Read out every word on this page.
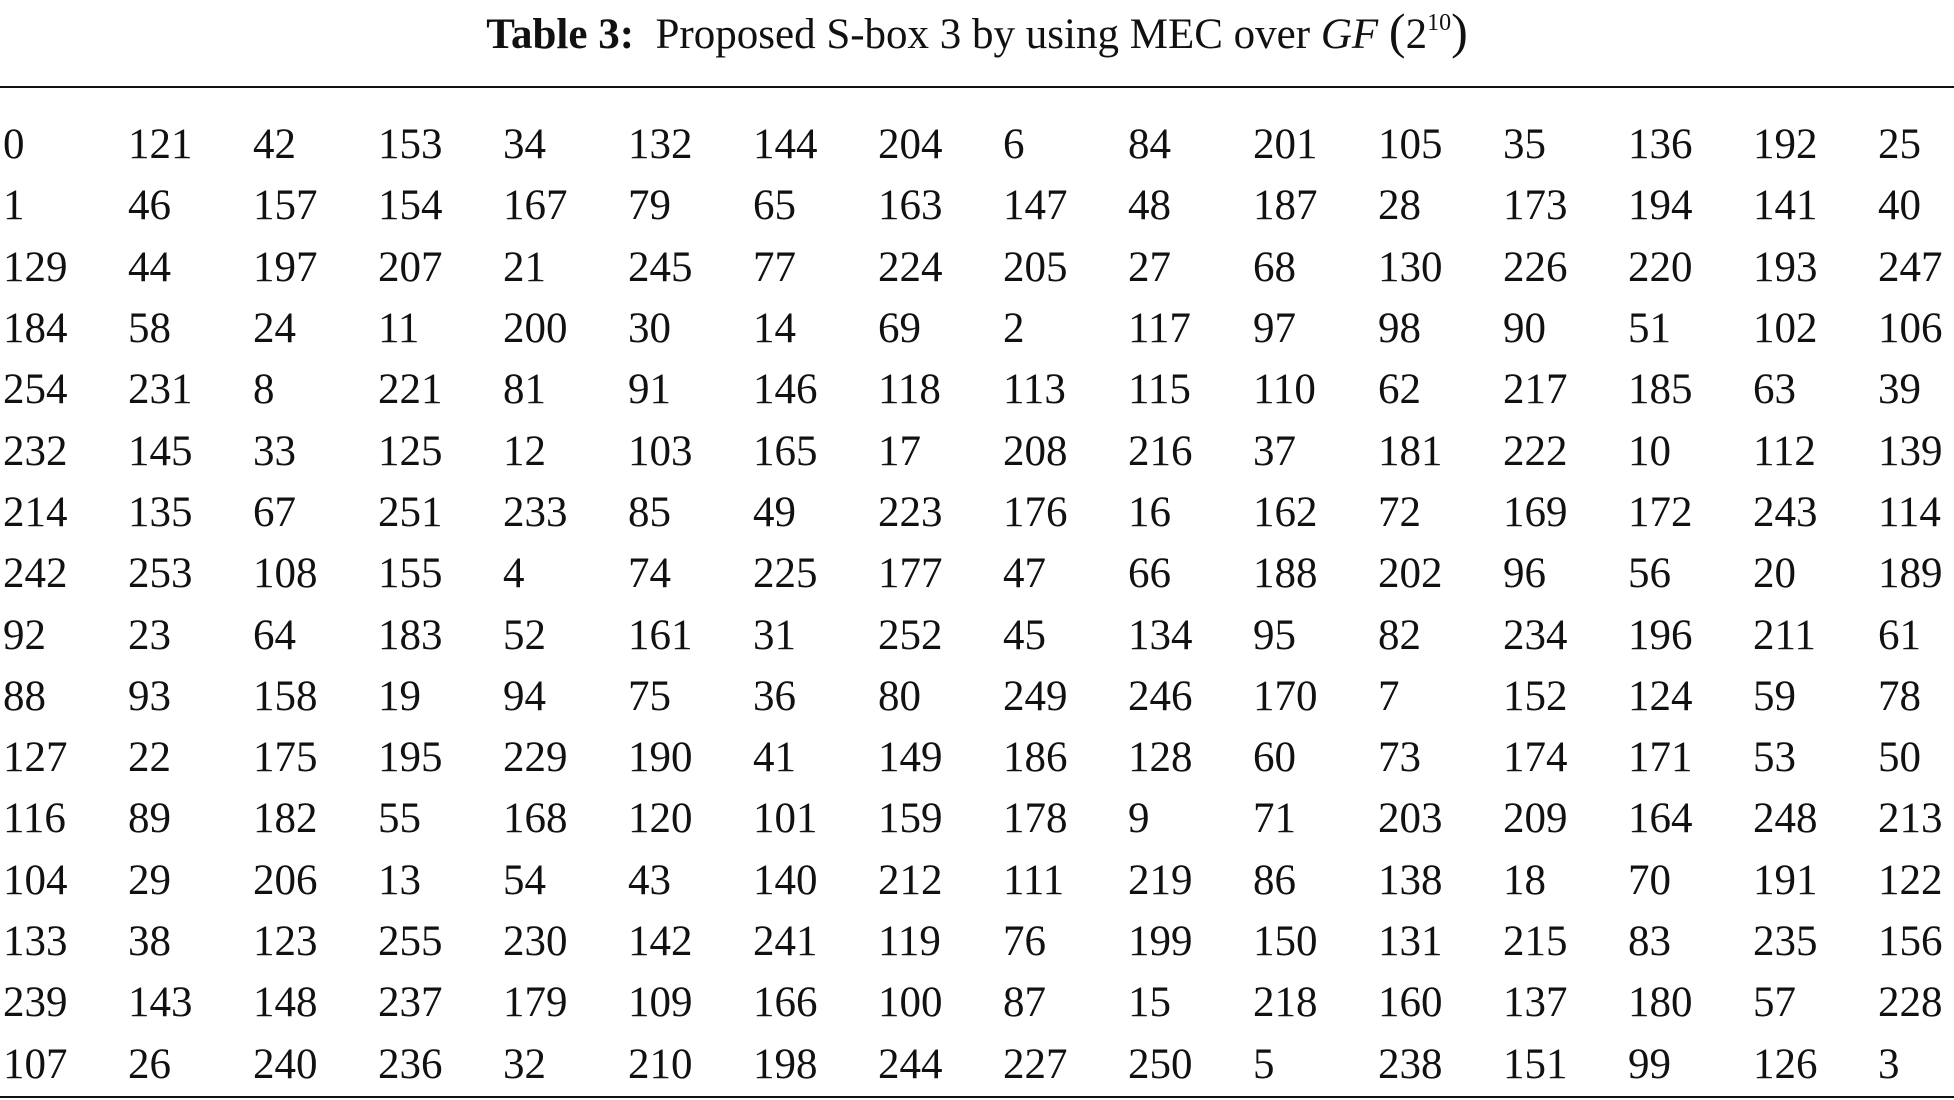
Table 3: Proposed S-box 3 by using MEC over GF $(2^{10})$
0	121	42	153	34	132	144	204	6	84	201	105	35	136	192	25
1	46	157	154	167	79	65	163	147	48	187	28	173	194	141	40
129	44	197	207	21	245	77	224	205	27	68	130	226	220	193	247
184	58	24	11	200	30	14	69	2	117	97	98	90	51	102	106
254	231	8	221	81	91	146	118	113	115	110	62	217	185	63	39
232	145	33	125	12	103	165	17	208	216	37	181	222	10	112	139
214	135	67	251	233	85	49	223	176	16	162	72	169	172	243	114
242	253	108	155	4	74	225	177	47	66	188	202	96	56	20	189
92	23	64	183	52	161	31	252	45	134	95	82	234	196	211	61
88	93	158	19	94	75	36	80	249	246	170	7	152	124	59	78
127	22	175	195	229	190	41	149	186	128	60	73	174	171	53	50
116	89	182	55	168	120	101	159	178	9	71	203	209	164	248	213
104	29	206	13	54	43	140	212	111	219	86	138	18	70	191	122
133	38	123	255	230	142	241	119	76	199	150	131	215	83	235	156
239	143	148	237	179	109	166	100	87	15	218	160	137	180	57	228
107	26	240	236	32	210	198	244	227	250	5	238	151	99	126	3
